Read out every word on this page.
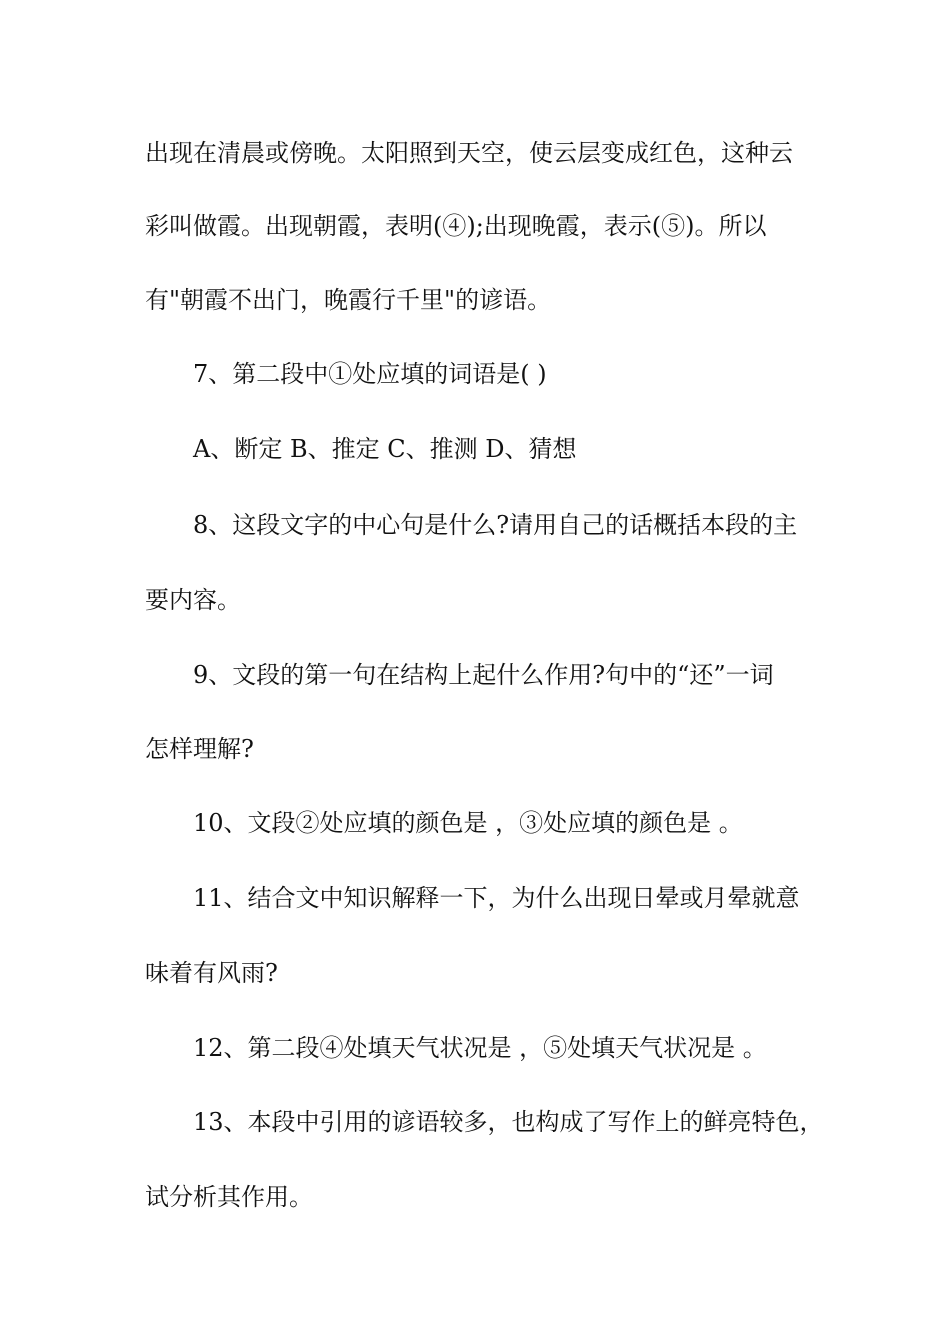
出现在清晨或傍晚。太阳照到天空，使云层变成红色，这种云
彩叫做霞。出现朝霞，表明(④);出现晚霞，表示(⑤)。所以
有"朝霞不出门，晚霞行千里"的谚语。
7、第二段中①处应填的词语是( )
A、断定 B、推定 C、推测 D、猜想
8、这段文字的中心句是什么?请用自己的话概括本段的主
要内容。
9、文段的第一句在结构上起什么作用?句中的“还”一词
怎样理解?
10、文段②处应填的颜色是 ，③处应填的颜色是 。
11、结合文中知识解释一下，为什么出现日晕或月晕就意
味着有风雨?
12、第二段④处填天气状况是 ，⑤处填天气状况是 。
13、本段中引用的谚语较多，也构成了写作上的鲜亮特色，
试分析其作用。
